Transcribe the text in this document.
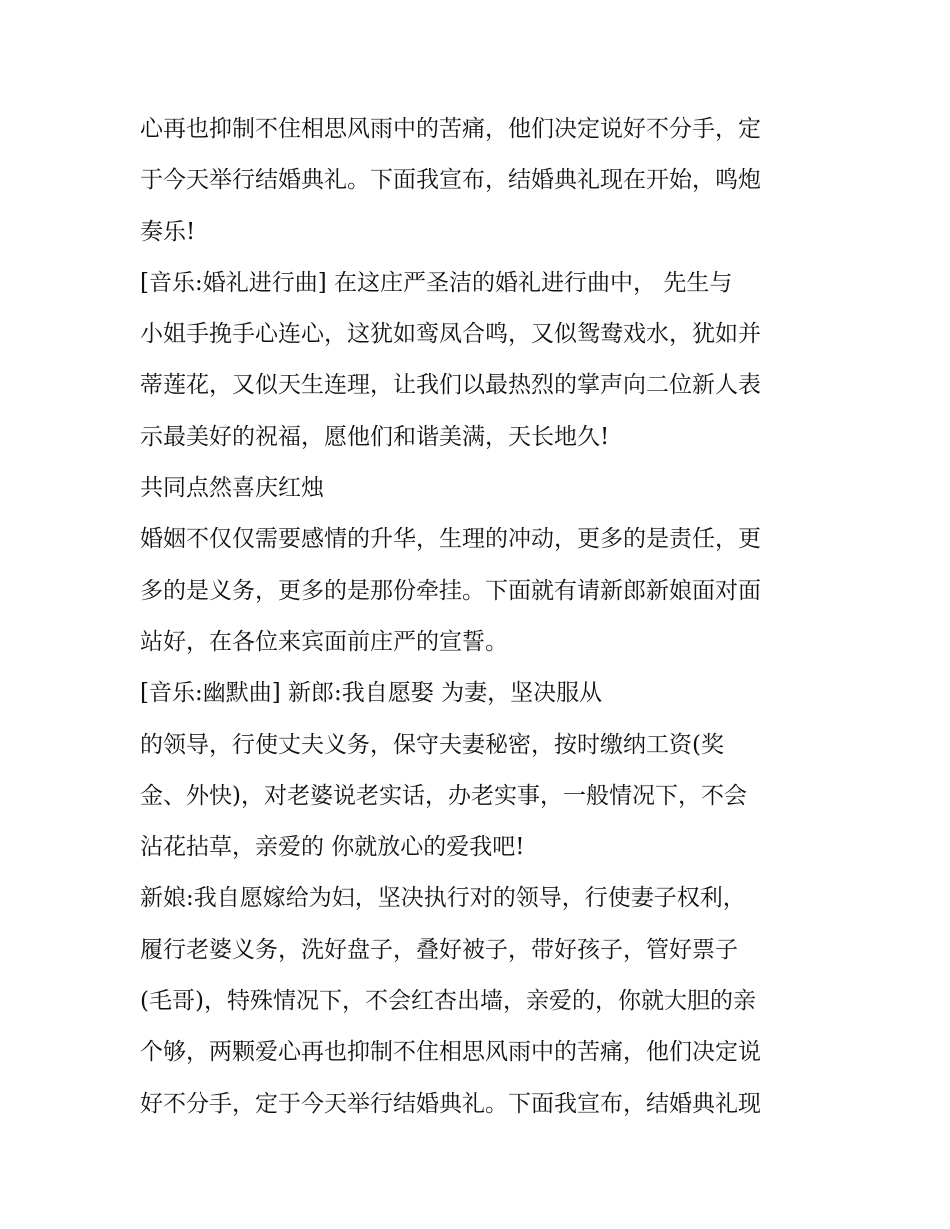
心再也抑制不住相思风雨中的苦痛，他们决定说好不分手，定
于今天举行结婚典礼。下面我宣布，结婚典礼现在开始，鸣炮
奏乐!
[音乐:婚礼进行曲] 在这庄严圣洁的婚礼进行曲中， 先生与
小姐手挽手心连心，这犹如鸾凤合鸣，又似鸳鸯戏水，犹如并
蒂莲花，又似天生连理，让我们以最热烈的掌声向二位新人表
示最美好的祝福，愿他们和谐美满，天长地久!
共同点然喜庆红烛
婚姻不仅仅需要感情的升华，生理的冲动，更多的是责任，更
多的是义务，更多的是那份牵挂。下面就有请新郎新娘面对面
站好，在各位来宾面前庄严的宣誓。
[音乐:幽默曲] 新郎:我自愿娶 为妻，坚决服从
的领导，行使丈夫义务，保守夫妻秘密，按时缴纳工资(奖
金、外快)，对老婆说老实话，办老实事，一般情况下，不会
沾花拈草，亲爱的 你就放心的爱我吧!
新娘:我自愿嫁给为妇，坚决执行对的领导，行使妻子权利，
履行老婆义务，洗好盘子，叠好被子，带好孩子，管好票子
(毛哥)，特殊情况下，不会红杏出墙，亲爱的，你就大胆的亲
个够，两颗爱心再也抑制不住相思风雨中的苦痛，他们决定说
好不分手，定于今天举行结婚典礼。下面我宣布，结婚典礼现
